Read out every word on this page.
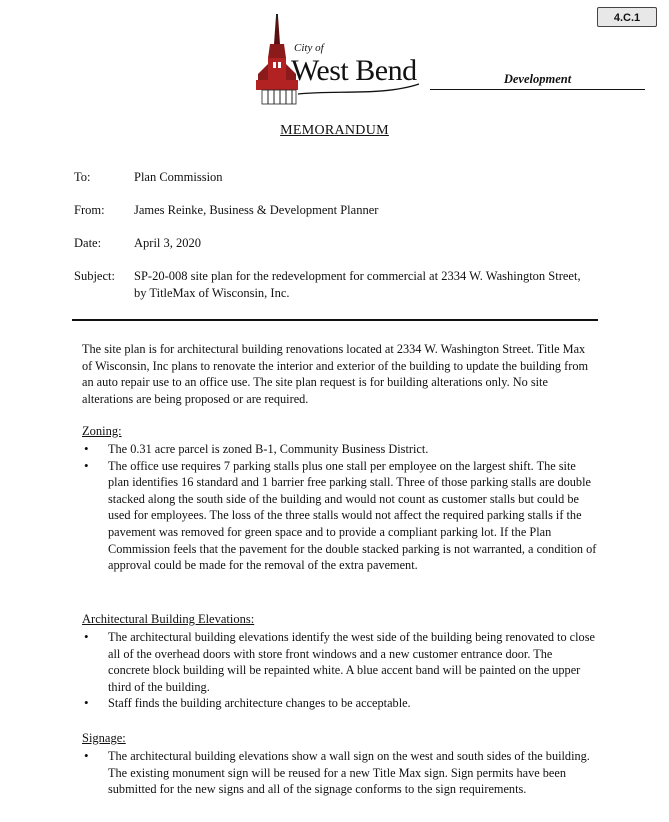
4.C.1
City of
West Bend	Development
MEMORANDUM
To:	Plan Commission
From:	James Reinke, Business & Development Planner
Date:	April 3, 2020
Subject:	SP-20-008 site plan for the redevelopment for commercial at 2334 W. Washington Street, by TitleMax of Wisconsin, Inc.
The site plan is for architectural building renovations located at 2334 W. Washington Street. Title Max of Wisconsin, Inc plans to renovate the interior and exterior of the building to update the building from an auto repair use to an office use. The site plan request is for building alterations only. No site alterations are being proposed or are required.
Zoning:
• The 0.31 acre parcel is zoned B-1, Community Business District.
• The office use requires 7 parking stalls plus one stall per employee on the largest shift. The site plan identifies 16 standard and 1 barrier free parking stall. Three of those parking stalls are double stacked along the south side of the building and would not count as customer stalls but could be used for employees. The loss of the three stalls would not affect the required parking stalls if the pavement was removed for green space and to provide a compliant parking lot. If the Plan Commission feels that the pavement for the double stacked parking is not warranted, a condition of approval could be made for the removal of the extra pavement.
Architectural Building Elevations:
• The architectural building elevations identify the west side of the building being renovated to close all of the overhead doors with store front windows and a new customer entrance door. The concrete block building will be repainted white. A blue accent band will be painted on the upper third of the building.
• Staff finds the building architecture changes to be acceptable.
Signage:
• The architectural building elevations show a wall sign on the west and south sides of the building. The existing monument sign will be reused for a new Title Max sign. Sign permits have been submitted for the new signs and all of the signage conforms to the sign requirements.
